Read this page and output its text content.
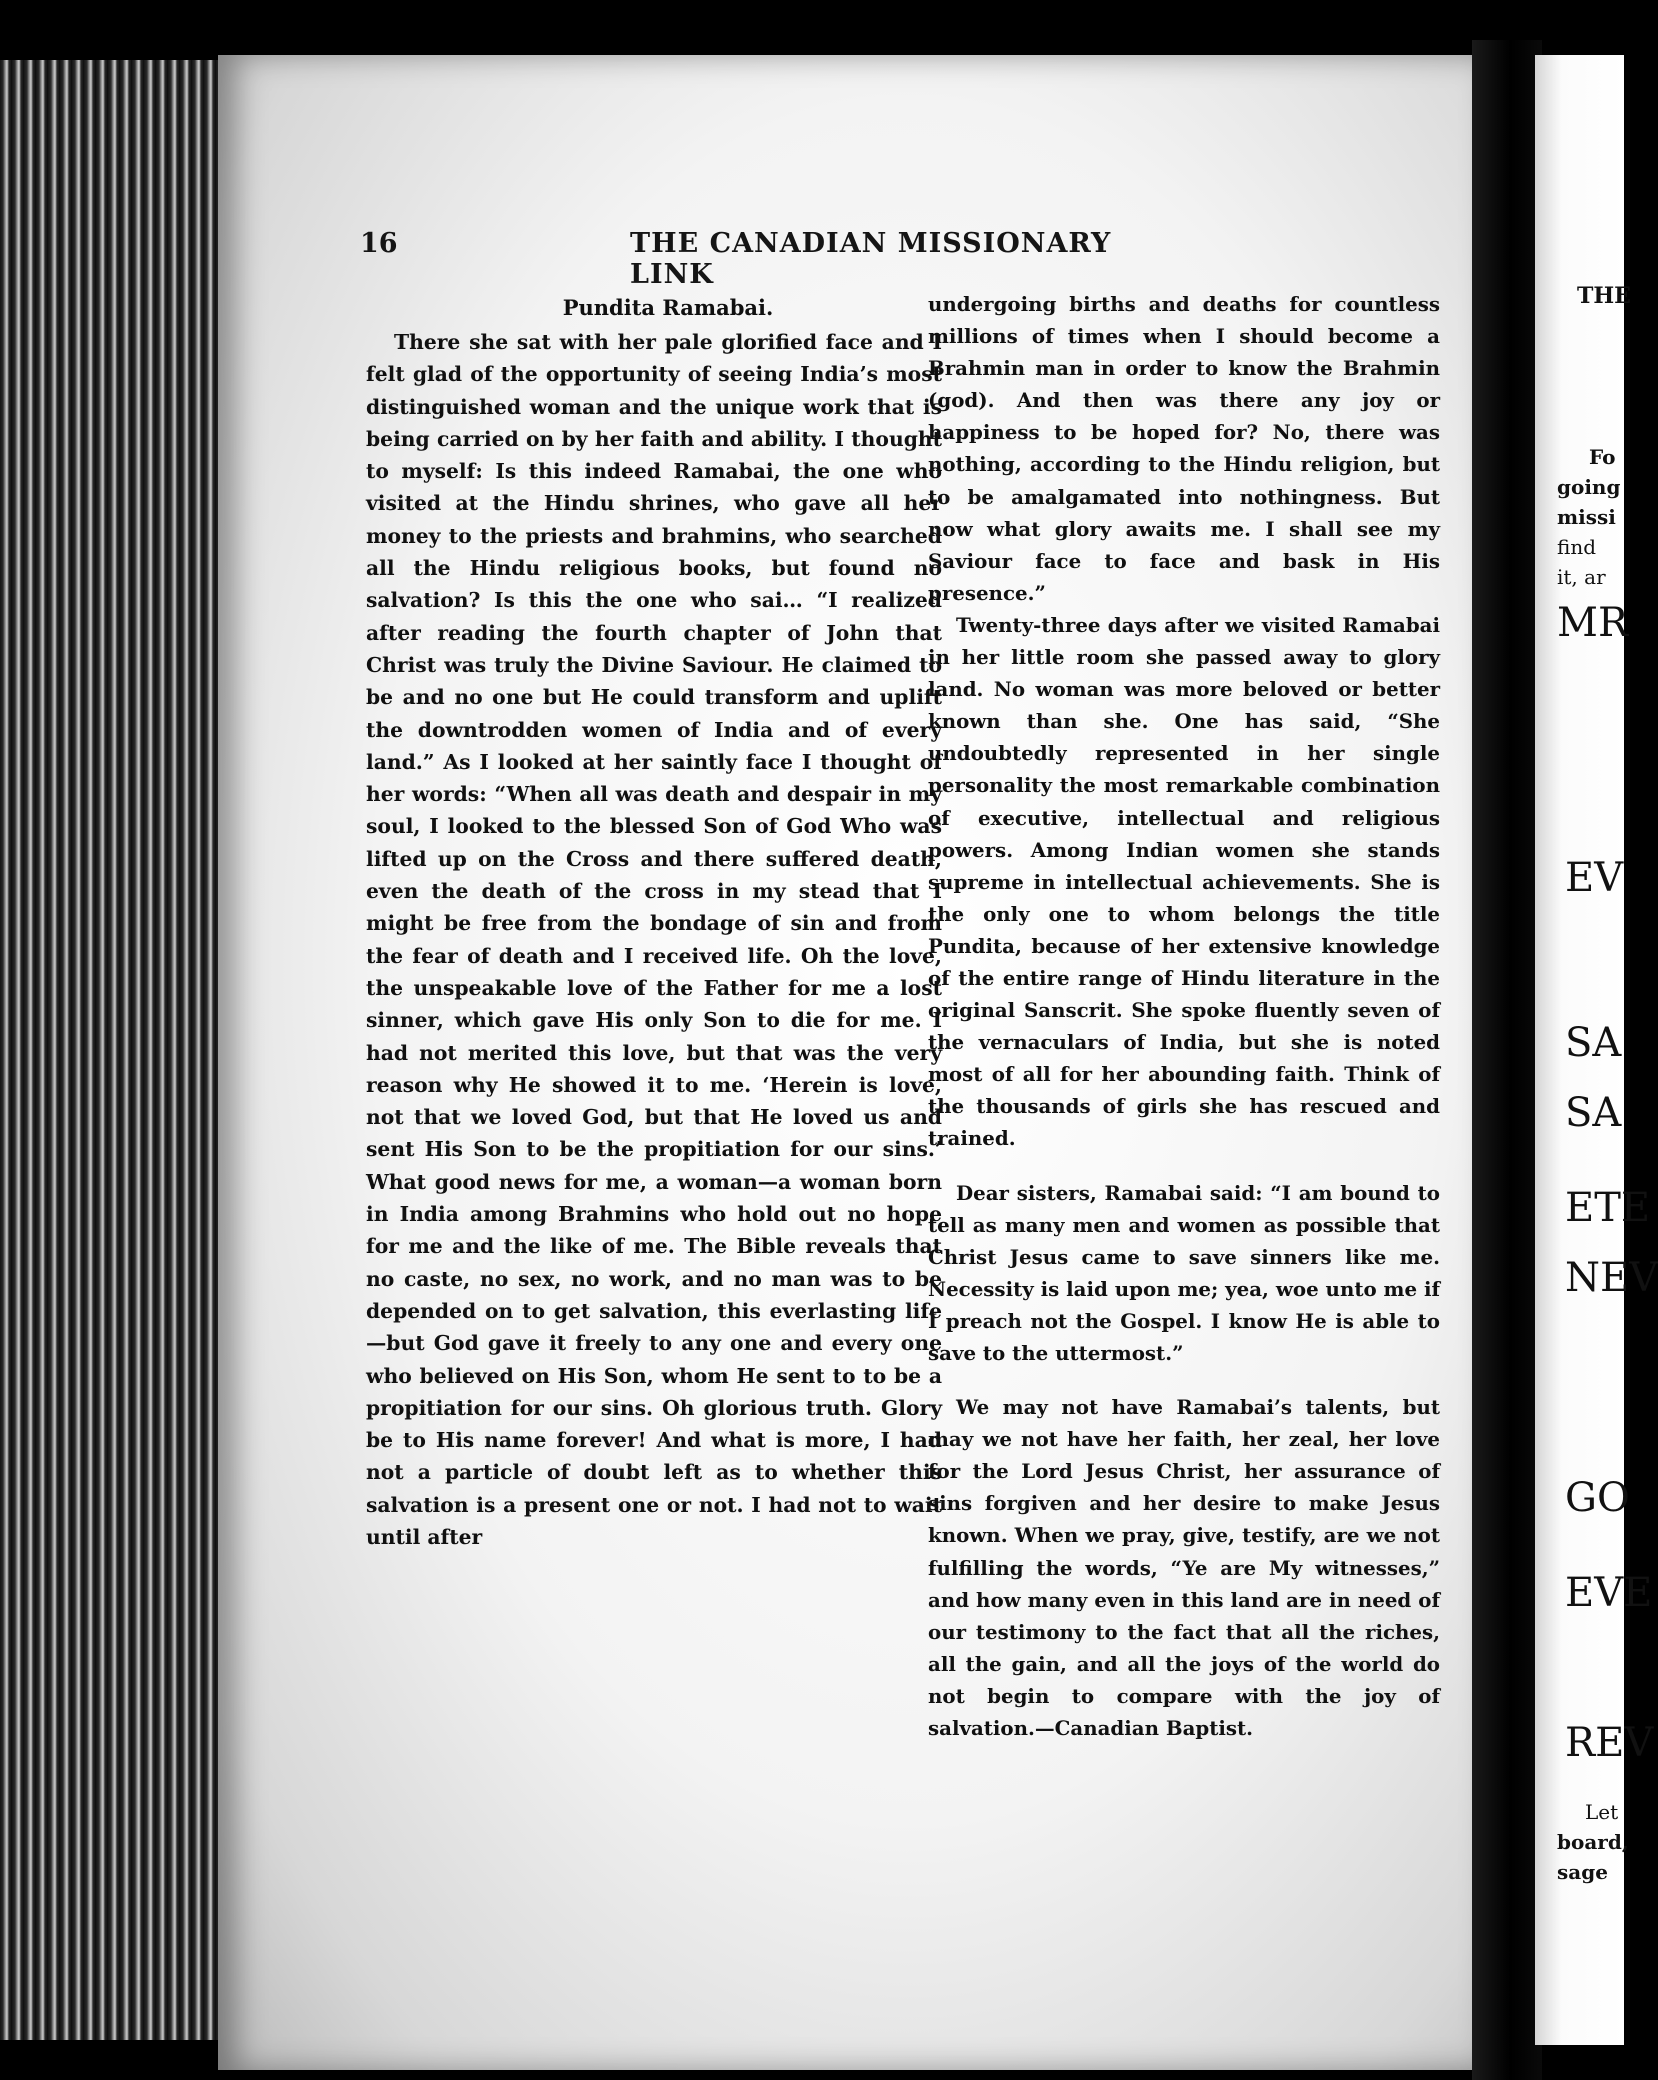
16	THE CANADIAN MISSIONARY LINK

Pundita Ramabai.

There she sat with her pale glorified face and I felt glad of the opportunity of seeing India’s most distinguished woman and the unique work that is being carried on by her faith and ability. I thought to myself: Is this indeed Ramabai, the one who visited at the Hindu shrines, who gave all her money to the priests and brahmins, who searched all the Hindu religious books, but found no salvation? Is this the one who sai… “I realized after reading the fourth chapter of John that Christ was truly the Divine Saviour. He claimed to be and no one but He could transform and uplift the downtrodden women of India and of every land.” As I looked at her saintly face I thought of her words: “When all was death and despair in my soul, I looked to the blessed Son of God Who was lifted up on the Cross and there suffered death, even the death of the cross in my stead that I might be free from the bondage of sin and from the fear of death and I received life. Oh the love, the unspeakable love of the Father for me a lost sinner, which gave His only Son to die for me. I had not merited this love, but that was the very reason why He showed it to me. ‘Herein is love, not that we loved God, but that He loved us and sent His Son to be the propitiation for our sins.’ What good news for me, a woman—a woman born in India among Brahmins who hold out no hope for me and the like of me. The Bible reveals that no caste, no sex, no work, and no man was to be depended on to get salvation, this everlasting life—but God gave it freely to any one and every one who believed on His Son, whom He sent to to be a propitiation for our sins. Oh glorious truth. Glory be to His name forever! And what is more, I had not a particle of doubt left as to whether this salvation is a present one or not. I had not to wait until after

undergoing births and deaths for countless millions of times when I should become a Brahmin man in order to know the Brahmin (god). And then was there any joy or happiness to be hoped for? No, there was nothing, according to the Hindu religion, but to be amalgamated into nothingness. But now what glory awaits me. I shall see my Saviour face to face and bask in His presence.”

Twenty-three days after we visited Ramabai in her little room she passed away to glory land. No woman was more beloved or better known than she. One has said, “She undoubtedly represented in her single personality the most remarkable combination of executive, intellectual and religious powers. Among Indian women she stands supreme in intellectual achievements. She is the only one to whom belongs the title Pundita, because of her extensive knowledge of the entire range of Hindu literature in the original Sanscrit. She spoke fluently seven of the vernaculars of India, but she is noted most of all for her abounding faith. Think of the thousands of girls she has rescued and trained.

Dear sisters, Ramabai said: “I am bound to tell as many men and women as possible that Christ Jesus came to save sinners like me. Necessity is laid upon me; yea, woe unto me if I preach not the Gospel. I know He is able to save to the uttermost.”

We may not have Ramabai’s talents, but may we not have her faith, her zeal, her love for the Lord Jesus Christ, her assurance of sins forgiven and her desire to make Jesus known. When we pray, give, testify, are we not fulfilling the words, “Ye are My witnesses,” and how many even in this land are in need of our testimony to the fact that all the riches, all the gain, and all the joys of the world do not begin to compare with the joy of salvation.—Canadian Baptist.

THE
Fo
going
missi
find
it, ar
MR
EV
SA
SA
ETE
NEV
GO
EVE
REV
Let
board,
sage
